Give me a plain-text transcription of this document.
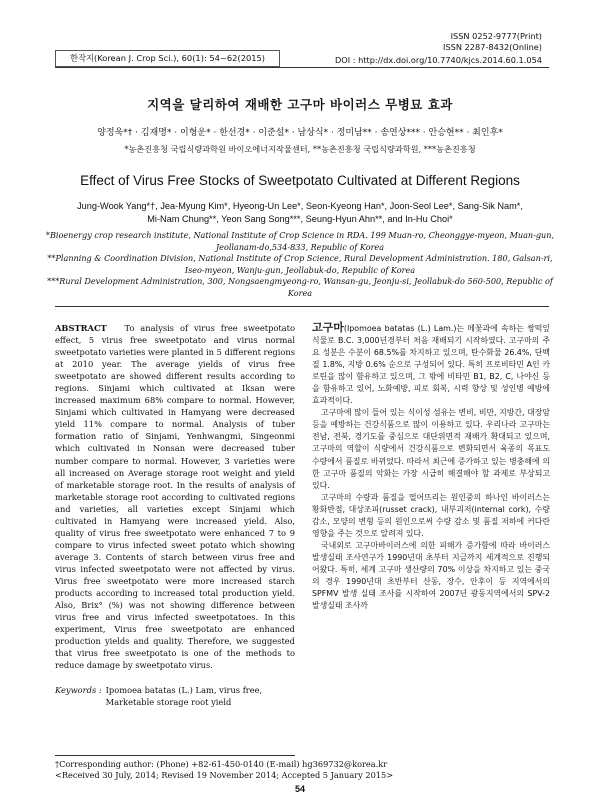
한작지(Korean J. Crop Sci.), 60(1): 54~62(2015)
ISSN 0252-9777(Print)
ISSN 2287-8432(Online)
DOI : http://dx.doi.org/10.7740/kjcs.2014.60.1.054
지역을 달리하여 재배한 고구마 바이러스 무병묘 효과
양정욱*† · 김재명* · 이형운* · 한선경* · 이준설* · 남상식* · 정미남** · 송연상*** · 안승현** · 최인후*
*농촌진흥청 국립식량과학원 바이오에너지작물센터, **농촌진흥청 국립식량과학원, ***농촌진흥청
Effect of Virus Free Stocks of Sweetpotato Cultivated at Different Regions
Jung-Wook Yang*†, Jea-Myung Kim*, Hyeong-Un Lee*, Seon-Kyeong Han*, Joon-Seol Lee*, Sang-Sik Nam*,
Mi-Nam Chung**, Yeon Sang Song***, Seung-Hyun Ahn**, and In-Hu Choi*

*Bioenergy crop research institute, National Institute of Crop Science in RDA. 199 Muan-ro, Cheonggye-myeon, Muan-gun, Jeollanam-do,534-833, Republic of Korea

**Planning & Coordination Division, National Institute of Crop Science, Rural Development Administration. 180, Galsan-ri, Iseo-myeon, Wanju-gun, Jeollabuk-do, Republic of Korea

***Rural Development Administration, 300, Nongsaengmyeong-ro, Wansan-gu, Jeonju-si, Jeollabuk-do 560-500, Republic of Korea

ABSTRACT To analysis of virus free sweetpotato effect, 5 virus free sweetpotato and virus normal sweetpotato varieties were planted in 5 different regions at 2010 year. The average yields of virus free sweetpotato are showed different results according to regions. Sinjami which cultivated at Iksan were increased maximum 68% compare to normal. However, Sinjami which cultivated in Hamyang were decreased yield 11% compare to normal. Analysis of tuber formation ratio of Sinjami, Yenhwangmi, Singeonmi which cultivated in Nonsan were decreased tuber number compare to normal. However, 3 varieties were all increased on Average storage root weight and yield of marketable storage root. In the results of analysis of marketable storage root according to cultivated regions and varieties, all varieties except Sinjami which cultivated in Hamyang were increased yield. Also, quality of virus free sweetpotato were enhanced 7 to 9 compare to virus infected sweet potato which showing average 3. Contents of starch between virus free and virus infected sweetpotato were not affected by virus. Virus free sweetpotato were more increased starch products according to increased total production yield. Also, Brix° (%) was not showing difference between virus free and virus infected sweetpotatoes. In this experiment, Virus free sweetpotato are enhanced production yields and quality. Therefore, we suggested that virus free sweetpotato is one of the methods to reduce damage by sweetpotato virus.

Keywords : Ipomoea batatas (L.) Lam, virus free, Marketable storage root yield

고구마(Ipomoea batatas (L.) Lam.)는 메꽃과에 속하는 쌍떡잎식물로 B.C. 3,000년경부터 처음 재배되기 시작하였다. 고구마의 주요 성분은 수분이 68.5%를 차지하고 있으며, 탄수화물 26.4%, 단백질 1.8%, 지방 0.6% 순으로 구성되어 있다. 특히 프로비타민 A인 카로틴을 많이 함유하고 있으며, 그 밖에 비타민 B1, B2, C, 나야신 등을 함유하고 있어, 노화예방, 피로 회복, 시력 향상 및 성인병 예방에 효과적이다.

고구마에 많이 들어 있는 식이성 섬유는 변비, 비만, 지방간, 대장암 등을 예방하는 건강식품으로 많이 이용하고 있다. 우리나라 고구마는 전남, 전북, 경기도를 중심으로 대단위면적 재배가 확대되고 있으며, 고구마의 역할이 식량에서 건강식품으로 변화되면서 육종의 목표도 수량에서 품질로 바뀌었다. 따라서 최근에 증가하고 있는 병충해에 의한 고구마 품질의 악화는 가장 시급히 해결해야 할 과제로 부상되고 있다.

고구마의 수량과 품질을 떨어뜨리는 원인중의 하나인 바이러스는 황화반점, 대상조피(russet crack), 내부괴저(internal cork), 수량 감소, 모양의 변형 등의 원인으로써 수량 감소 및 품질 저하에 커다란 영향을 주는 것으로 알려져 있다.

국내외로 고구마바이러스에 의한 피해가 증가함에 따라 바이러스 발생실태 조사연구가 1990년대 초부터 지금까지 세계적으로 진행되어왔다. 특히, 세계 고구마 생산량의 70% 이상을 차지하고 있는 중국의 경우 1990년대 초반부터 산동, 장수, 안후이 등 지역에서의 SPFMV 발생 실태 조사를 시작하여 2007년 광동지역에서의 SPV-2 발생실태 조사까

†Corresponding author: (Phone) +82-61-450-0140 (E-mail) hg369732@korea.kr
<Received 30 July, 2014; Revised 19 November 2014; Accepted 5 January 2015>
54
